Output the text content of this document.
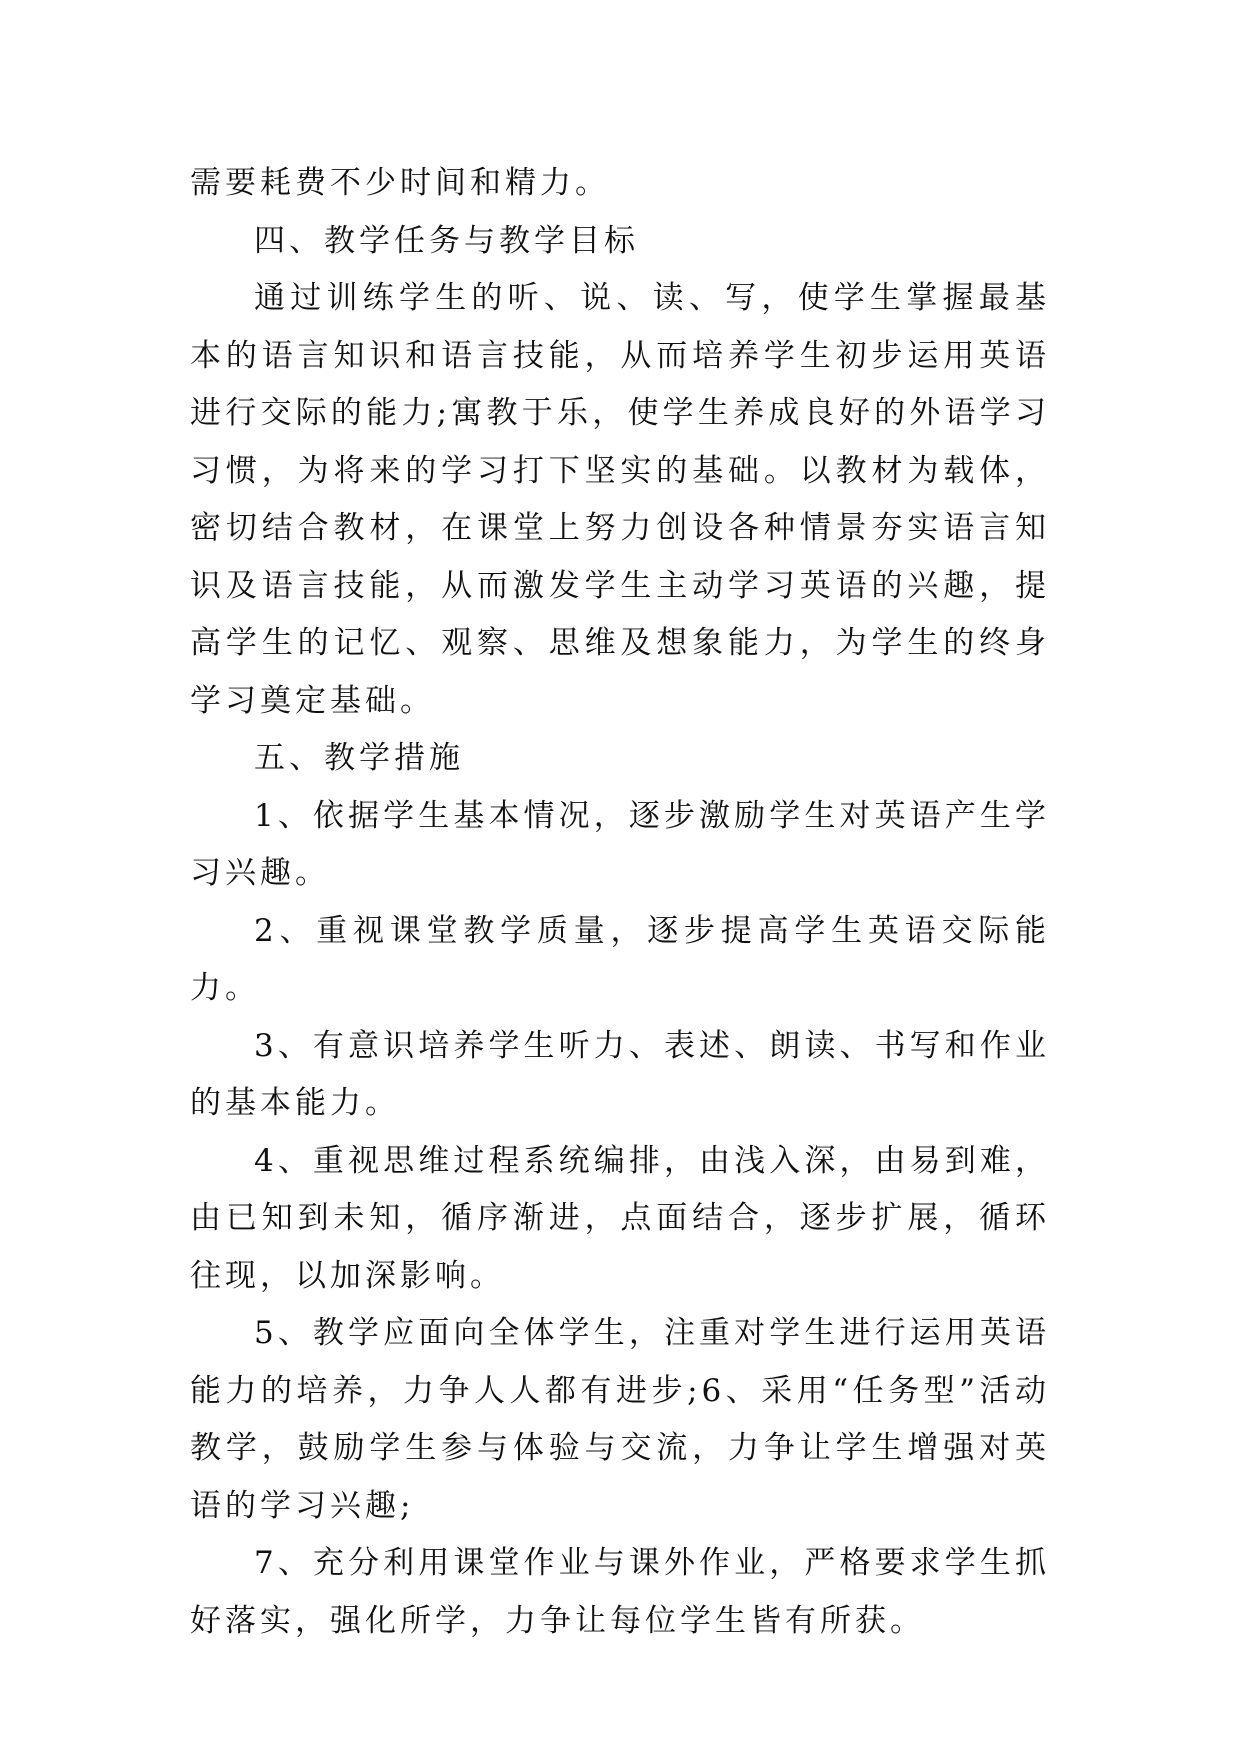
需要耗费不少时间和精力。

四、教学任务与教学目标

通过训练学生的听、说、读、写，使学生掌握最基本的语言知识和语言技能，从而培养学生初步运用英语进行交际的能力;寓教于乐，使学生养成良好的外语学习习惯，为将来的学习打下坚实的基础。以教材为载体，密切结合教材，在课堂上努力创设各种情景夯实语言知识及语言技能，从而激发学生主动学习英语的兴趣，提高学生的记忆、观察、思维及想象能力，为学生的终身学习奠定基础。

五、教学措施

1、依据学生基本情况，逐步激励学生对英语产生学习兴趣。

2、重视课堂教学质量，逐步提高学生英语交际能力。

3、有意识培养学生听力、表述、朗读、书写和作业的基本能力。

4、重视思维过程系统编排，由浅入深，由易到难，由已知到未知，循序渐进，点面结合，逐步扩展，循环往现，以加深影响。

5、教学应面向全体学生，注重对学生进行运用英语能力的培养，力争人人都有进步;6、采用“任务型”活动教学，鼓励学生参与体验与交流，力争让学生增强对英语的学习兴趣;

7、充分利用课堂作业与课外作业，严格要求学生抓好落实，强化所学，力争让每位学生皆有所获。
